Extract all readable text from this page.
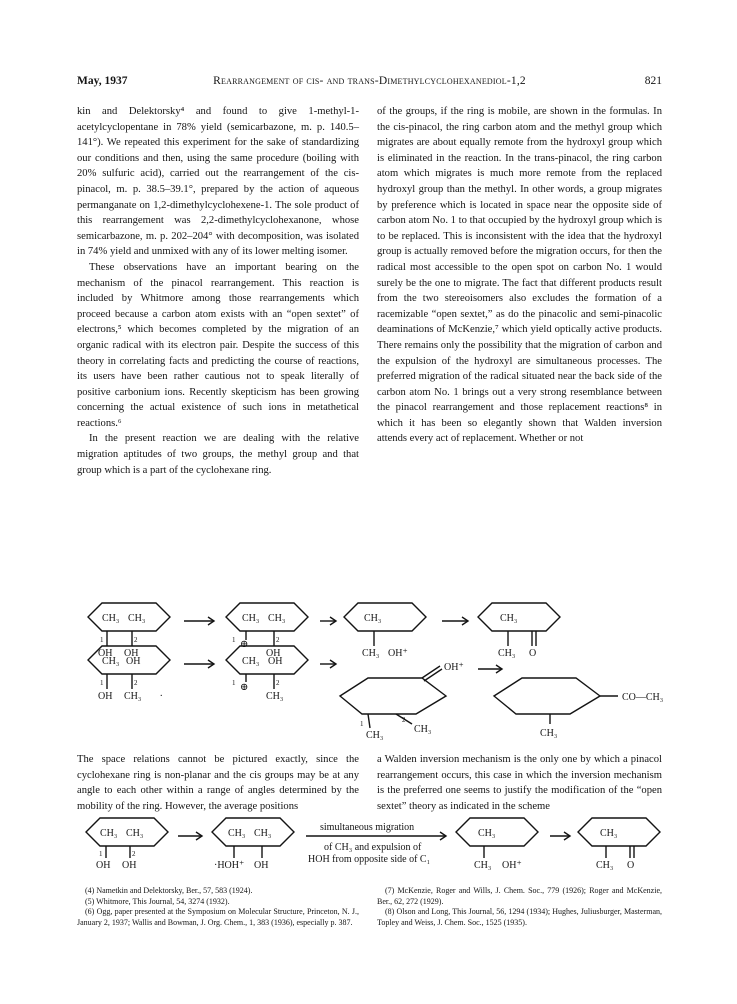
May, 1937	Rearrangement of cis- and trans-Dimethylcyclohexanediol-1,2	821

kin and Delektorsky⁴ and found to give 1-methyl-1-acetylcyclopentane in 78% yield (semicarbazone, m. p. 140.5–141°). We repeated this experiment for the sake of standardizing our conditions and then, using the same procedure (boiling with 20% sulfuric acid), carried out the rearrangement of the cis-pinacol, m. p. 38.5–39.1°, prepared by the action of aqueous permanganate on 1,2-dimethylcyclohexene-1. The sole product of this rearrangement was 2,2-dimethylcyclohexanone, whose semicarbazone, m. p. 202–204° with decomposition, was isolated in 74% yield and unmixed with any of its lower melting isomer.

These observations have an important bearing on the mechanism of the pinacol rearrangement. This reaction is included by Whitmore among those rearrangements which proceed because a carbon atom exists with an “open sextet” of electrons,⁵ which becomes completed by the migration of an organic radical with its electron pair. Despite the success of this theory in correlating facts and predicting the course of reactions, its users have been rather cautious not to speak literally of positive carbonium ions. Recently skepticism has been growing concerning the actual existence of such ions in metathetical reactions.⁶

In the present reaction we are dealing with the relative migration aptitudes of two groups, the methyl group and that group which is a part of the cyclohexane ring.

of the groups, if the ring is mobile, are shown in the formulas. In the cis-pinacol, the ring carbon atom and the methyl group which migrates are about equally remote from the hydroxyl group which is eliminated in the reaction. In the trans-pinacol, the ring carbon atom which migrates is much more remote from the replaced hydroxyl group than the methyl. In other words, a group migrates by preference which is located in space near the opposite side of carbon atom No. 1 to that occupied by the hydroxyl group which is to be replaced. This is inconsistent with the idea that the hydroxyl group is actually removed before the migration occurs, for then the radical most accessible to the open spot on carbon No. 1 would surely be the one to migrate. The fact that different products result from the two stereoisomers also excludes the formation of a racemizable “open sextet,” as do the pinacolic and semi-pinacolic deaminations of McKenzie,⁷ which yield optically active products. There remains only the possibility that the migration of carbon and the expulsion of the hydroxyl are simultaneous processes. The preferred migration of the radical situated near the back side of the carbon atom No. 1 brings out a very strong resemblance between the pinacol rearrangement and those replacement reactions⁸ in which it has been so elegantly shown that Walden inversion attends every act of replacement. Whether or not

CH₃ CH₃
1	2
OH OH
CH₃ CH₃
1 ⊕	2
OH
CH₃
CH₃ OH⁺
CH₃
CH₃ O
CH₃ OH
1	2
OH CH₃ .
CH₃ OH
1 ⊕	2
CH₃
OH⁺
1
CH₃
2
CH₃
CO—CH₃
CH₃

The space relations cannot be pictured exactly, since the cyclohexane ring is non-planar and the cis groups may be at any angle to each other within a range of angles determined by the mobility of the ring. However, the average positions

a Walden inversion mechanism is the only one by which a pinacol rearrangement occurs, this case in which the inversion mechanism is the preferred one seems to justify the modification of the “open sextet” theory as indicated in the scheme

CH₃ CH₃
1	2
OH OH
CH₃ CH₃
·HOH⁺ OH
simultaneous migration
of CH₃ and expulsion of
HOH from opposite side of C₁
CH₃
CH₃ OH⁺
CH₃
CH₃ O

(4) Nametkin and Delektorsky, Ber., 57, 583 (1924).

(5) Whitmore, This Journal, 54, 3274 (1932).

(6) Ogg, paper presented at the Symposium on Molecular Structure, Princeton, N. J., January 2, 1937; Wallis and Bowman, J. Org. Chem., 1, 383 (1936), especially p. 387.

(7) McKenzie, Roger and Wills, J. Chem. Soc., 779 (1926); Roger and McKenzie, Ber., 62, 272 (1929).

(8) Olson and Long, This Journal, 56, 1294 (1934); Hughes, Juliusburger, Masterman, Topley and Weiss, J. Chem. Soc., 1525 (1935).
